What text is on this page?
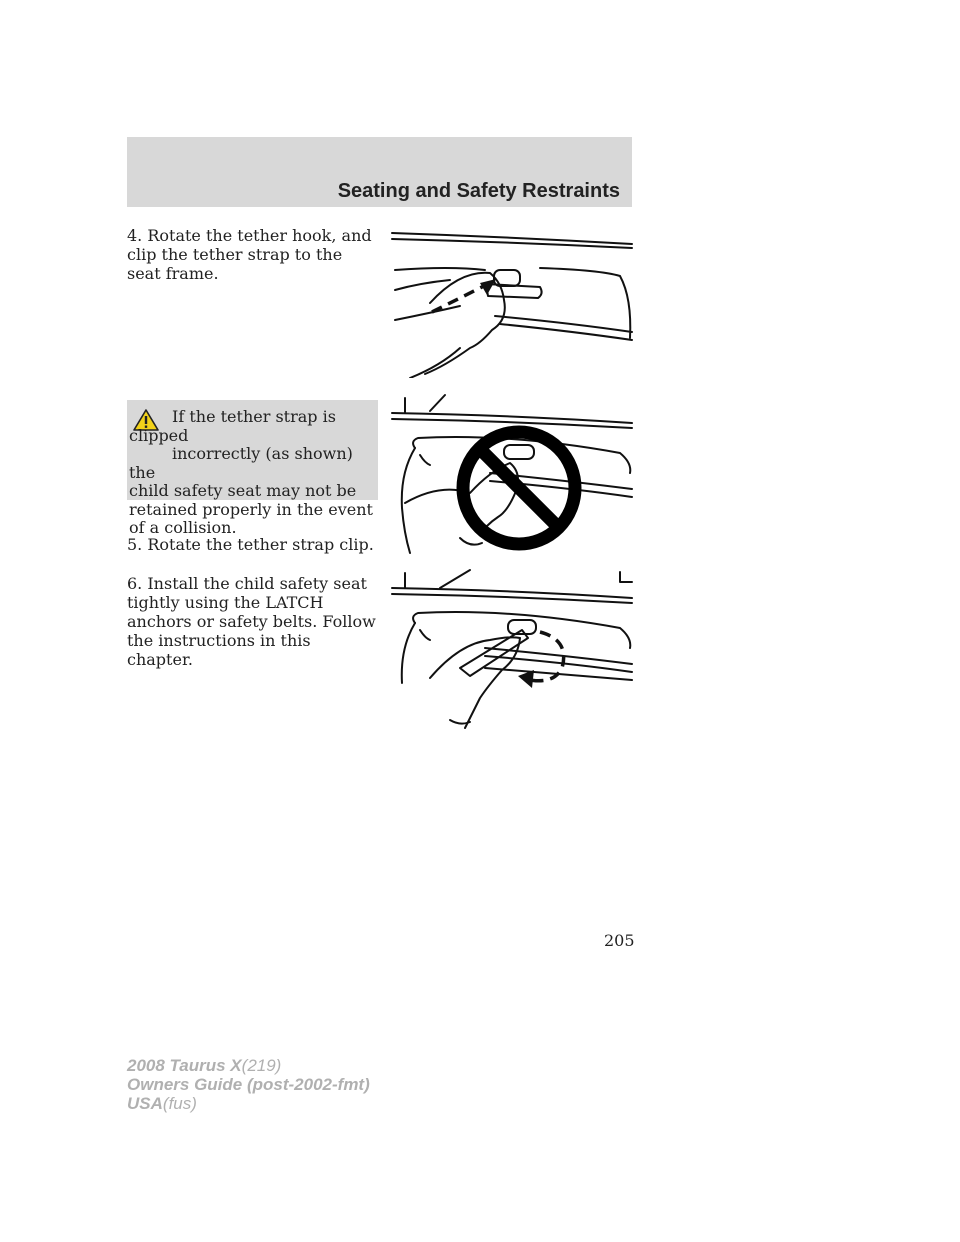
Seating and Safety Restraints
4. Rotate the tether hook, and clip the tether strap to the seat frame.
If the tether strap is clipped
incorrectly (as shown) the
child safety seat may not be retained properly in the event of a collision.
5. Rotate the tether strap clip.
6. Install the child safety seat tightly using the LATCH anchors or safety belts. Follow the instructions in this chapter.
205
2008 Taurus X(219)
Owners Guide (post-2002-fmt)
USA(fus)
